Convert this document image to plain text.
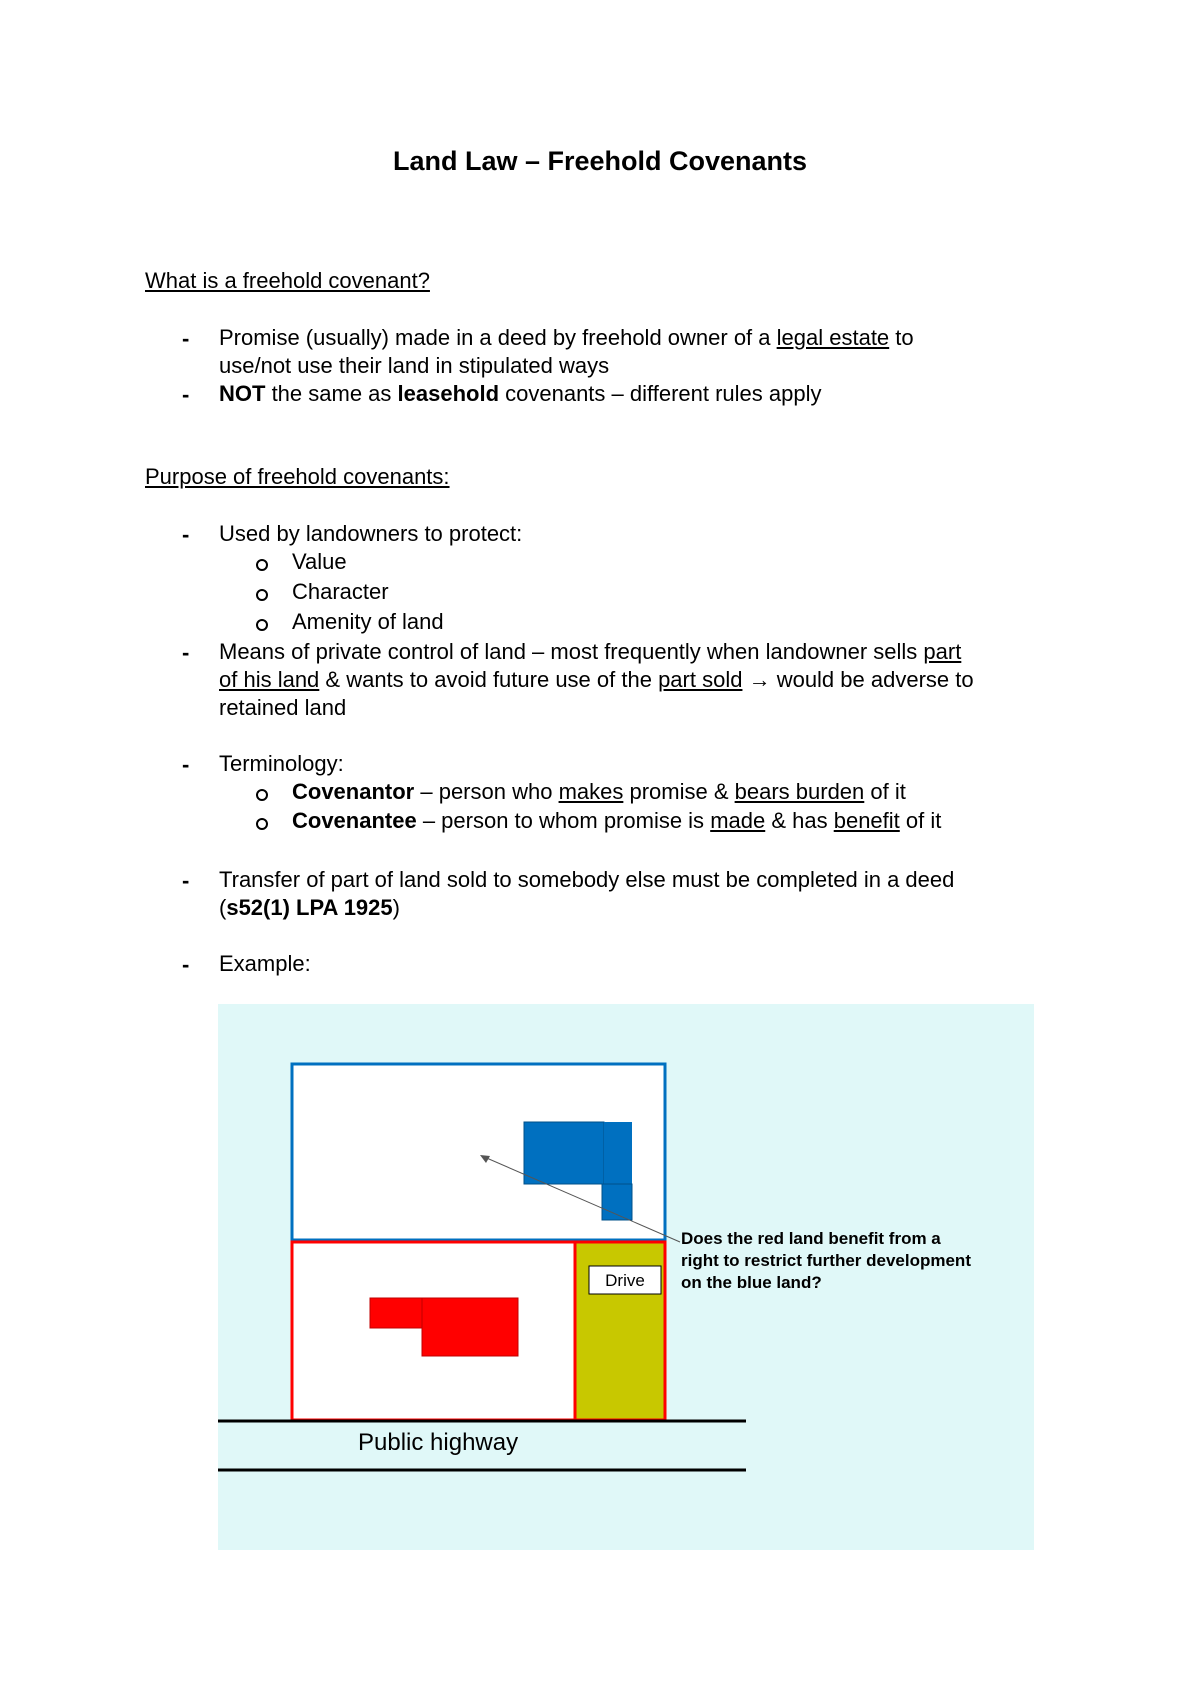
Land Law – Freehold Covenants
What is a freehold covenant?
- Promise (usually) made in a deed by freehold owner of a legal estate to
use/not use their land in stipulated ways
- NOT the same as leasehold covenants – different rules apply
Purpose of freehold covenants:
- Used by landowners to protect:
Value
Character
Amenity of land
- Means of private control of land – most frequently when landowner sells part
of his land & wants to avoid future use of the part sold → would be adverse to
retained land
- Terminology:
Covenantor – person who makes promise & bears burden of it
Covenantee – person to whom promise is made & has benefit of it
- Transfer of part of land sold to somebody else must be completed in a deed
(s52(1) LPA 1925)
- Example:
Drive
Does the red land benefit from a right to restrict further development on the blue land?
Public highway
